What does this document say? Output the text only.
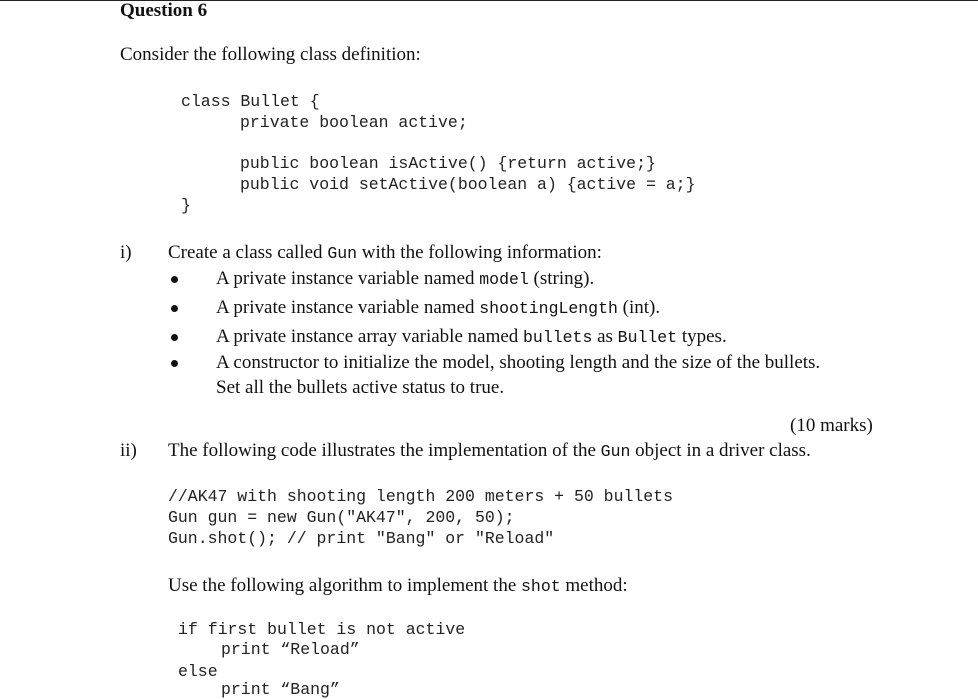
Question 6
Consider the following class definition:
class Bullet {
private boolean active;
public boolean isActive() {return active;}
public void setActive(boolean a) {active = a;}
}
i) Create a class called Gun with the following information:
A private instance variable named model (string).
A private instance variable named shootingLength (int).
A private instance array variable named bullets as Bullet types.
A constructor to initialize the model, shooting length and the size of the bullets.
Set all the bullets active status to true.
(10 marks)
ii) The following code illustrates the implementation of the Gun object in a driver class.
//AK47 with shooting length 200 meters + 50 bullets
Gun gun = new Gun("AK47", 200, 50);
Gun.shot(); // print "Bang" or "Reload"
Use the following algorithm to implement the shot method:
if first bullet is not active
print “Reload”
else
print “Bang”
